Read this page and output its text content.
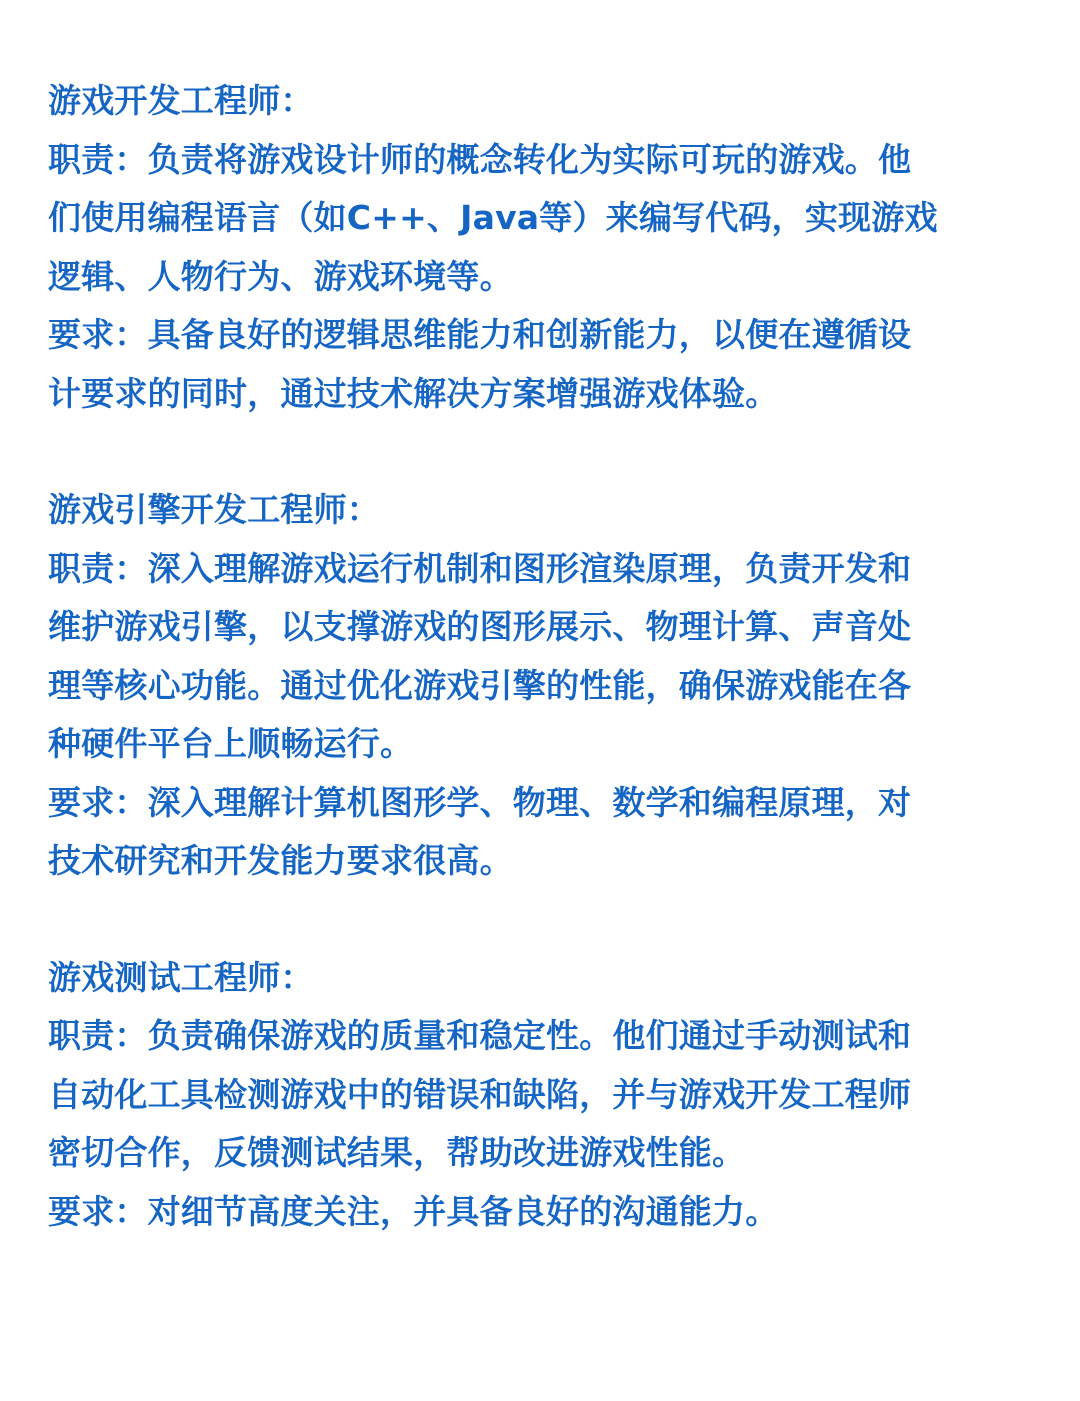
游戏开发工程师：
职责：负责将游戏设计师的概念转化为实际可玩的游戏。他
们使用编程语言（如C++、Java等）来编写代码，实现游戏
逻辑、人物行为、游戏环境等。
要求：具备良好的逻辑思维能力和创新能力，以便在遵循设
计要求的同时，通过技术解决方案增强游戏体验。
游戏引擎开发工程师：
职责：深入理解游戏运行机制和图形渲染原理，负责开发和
维护游戏引擎，以支撑游戏的图形展示、物理计算、声音处
理等核心功能。通过优化游戏引擎的性能，确保游戏能在各
种硬件平台上顺畅运行。
要求：深入理解计算机图形学、物理、数学和编程原理，对
技术研究和开发能力要求很高。
游戏测试工程师：
职责：负责确保游戏的质量和稳定性。他们通过手动测试和
自动化工具检测游戏中的错误和缺陷，并与游戏开发工程师
密切合作，反馈测试结果，帮助改进游戏性能。
要求：对细节高度关注，并具备良好的沟通能力。
